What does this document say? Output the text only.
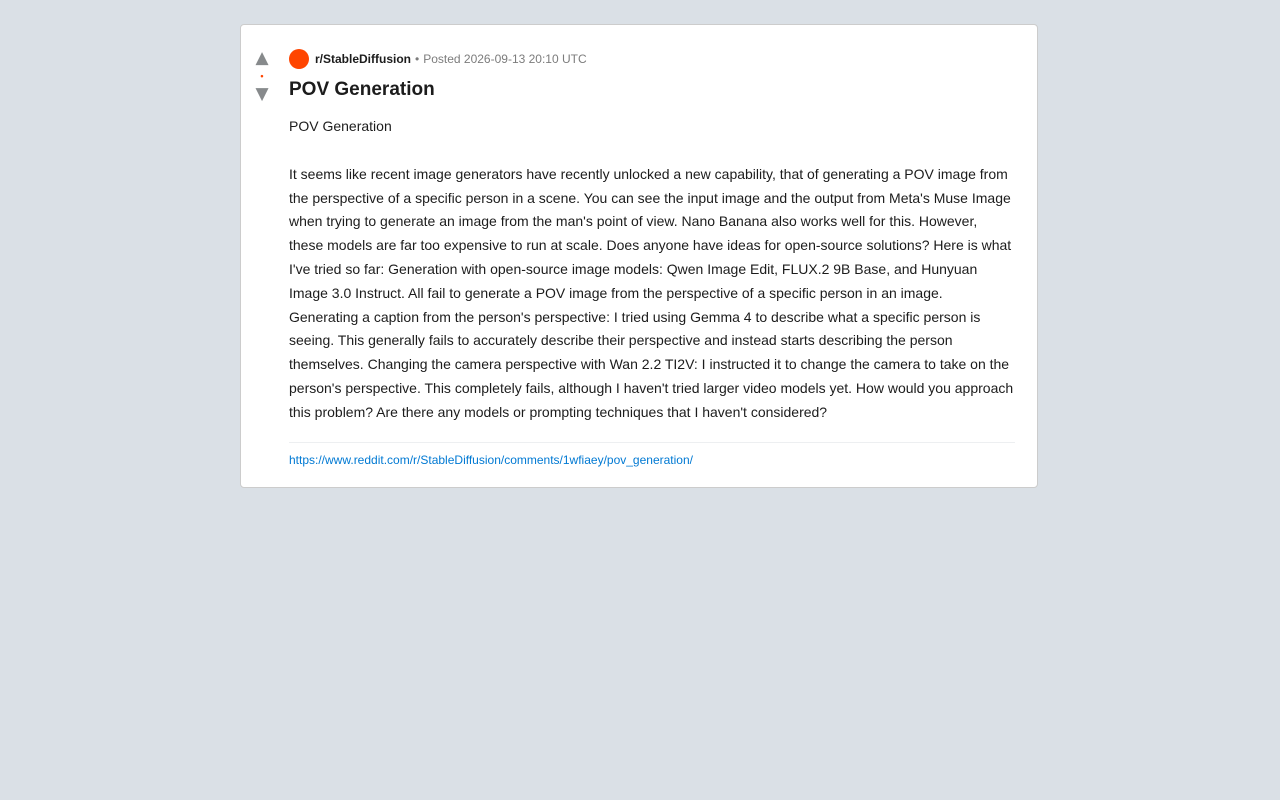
▲
•
▼
r/StableDiffusion • Posted 2026-09-13 20:10 UTC
POV Generation

POV Generation

It seems like recent image generators have recently unlocked a new capability, that of generating a POV image from the perspective of a specific person in a scene. You can see the input image and the output from Meta's Muse Image when trying to generate an image from the man's point of view. Nano Banana also works well for this. However, these models are far too expensive to run at scale. Does anyone have ideas for open-source solutions? Here is what I've tried so far: Generation with open-source image models: Qwen Image Edit, FLUX.2 9B Base, and Hunyuan Image 3.0 Instruct. All fail to generate a POV image from the perspective of a specific person in an image. Generating a caption from the person's perspective: I tried using Gemma 4 to describe what a specific person is seeing. This generally fails to accurately describe their perspective and instead starts describing the person themselves. Changing the camera perspective with Wan 2.2 TI2V: I instructed it to change the camera to take on the person's perspective. This completely fails, although I haven't tried larger video models yet. How would you approach this problem? Are there any models or prompting techniques that I haven't considered?

https://www.reddit.com/r/StableDiffusion/comments/1wfiaey/pov_generation/
